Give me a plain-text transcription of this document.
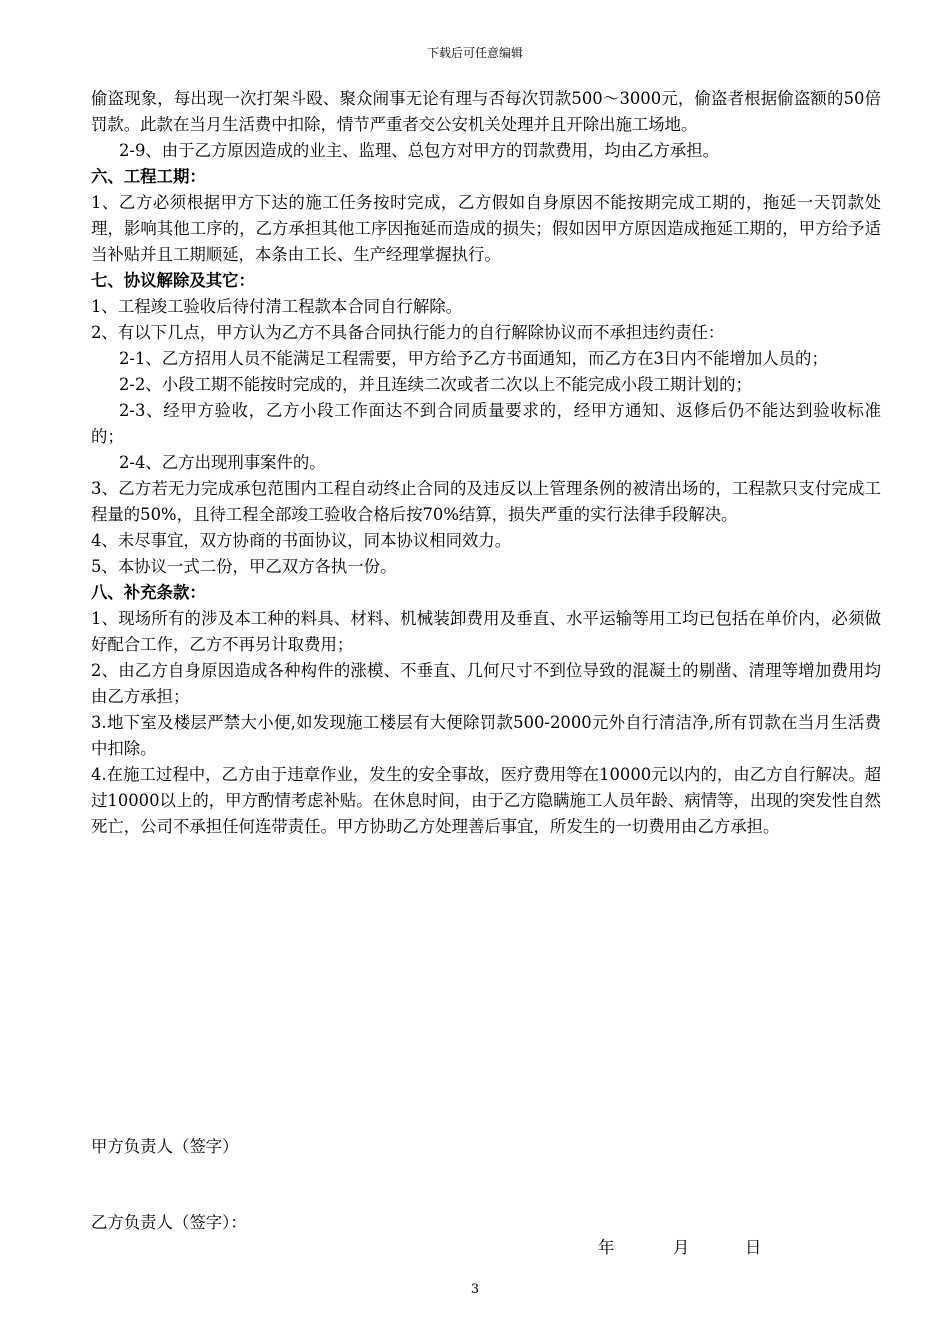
下载后可任意编辑

偷盗现象，每出现一次打架斗殴、聚众闹事无论有理与否每次罚款500～3000元，偷盗者根据偷盗额的50倍罚款。此款在当月生活费中扣除，情节严重者交公安机关处理并且开除出施工场地。

2-9、由于乙方原因造成的业主、监理、总包方对甲方的罚款费用，均由乙方承担。

六、工程工期：

1、乙方必须根据甲方下达的施工任务按时完成，乙方假如自身原因不能按期完成工期的，拖延一天罚款处理，影响其他工序的，乙方承担其他工序因拖延而造成的损失；假如因甲方原因造成拖延工期的，甲方给予适当补贴并且工期顺延，本条由工长、生产经理掌握执行。

七、协议解除及其它：

1、工程竣工验收后待付清工程款本合同自行解除。

2、有以下几点，甲方认为乙方不具备合同执行能力的自行解除协议而不承担违约责任：

2-1、乙方招用人员不能满足工程需要，甲方给予乙方书面通知，而乙方在3日内不能增加人员的；

2-2、小段工期不能按时完成的，并且连续二次或者二次以上不能完成小段工期计划的；

2-3、经甲方验收，乙方小段工作面达不到合同质量要求的，经甲方通知、返修后仍不能达到验收标准的；

2-4、乙方出现刑事案件的。

3、乙方若无力完成承包范围内工程自动终止合同的及违反以上管理条例的被清出场的，工程款只支付完成工程量的50%，且待工程全部竣工验收合格后按70%结算，损失严重的实行法律手段解决。

4、未尽事宜，双方协商的书面协议，同本协议相同效力。

5、本协议一式二份，甲乙双方各执一份。

八、补充条款：

1、现场所有的涉及本工种的料具、材料、机械装卸费用及垂直、水平运输等用工均已包括在单价内，必须做好配合工作，乙方不再另计取费用；

2、由乙方自身原因造成各种构件的涨模、不垂直、几何尺寸不到位导致的混凝土的剔凿、清理等增加费用均由乙方承担；

3.地下室及楼层严禁大小便,如发现施工楼层有大便除罚款500-2000元外自行清洁净,所有罚款在当月生活费中扣除。

4.在施工过程中，乙方由于违章作业，发生的安全事故，医疗费用等在10000元以内的，由乙方自行解决。超过10000以上的，甲方酌情考虑补贴。在休息时间，由于乙方隐瞒施工人员年龄、病情等，出现的突发性自然死亡，公司不承担任何连带责任。甲方协助乙方处理善后事宜，所发生的一切费用由乙方承担。

甲方负责人（签字）
乙方负责人（签字）：
年	月	日
3
